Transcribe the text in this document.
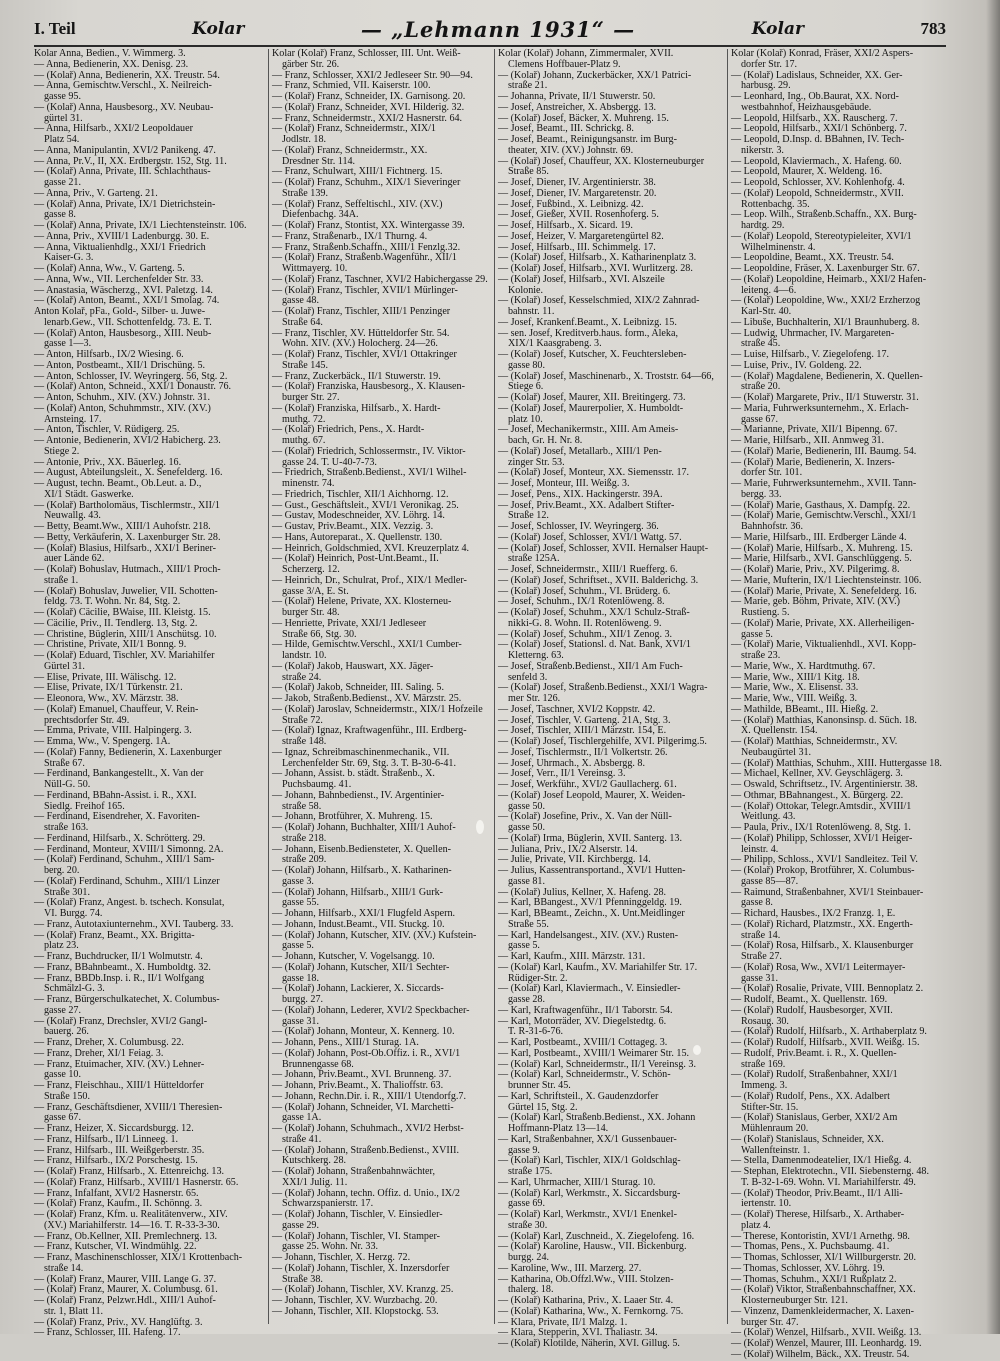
I. Teil	Kolar	— „Lehmann 1931“ —	Kolar	783
Kolar Anna, Bedien., V. Wimmerg. 3.
— Anna, Bedienerin, XX. Denisg. 23.
— (Kolař) Anna, Bedienerin, XX. Treustr. 54.
— Anna, Gemischtw.Verschl., X. Neilreich-
gasse 95.
— (Kolař) Anna, Hausbesorg., XV. Neubau-
gürtel 31.
— Anna, Hilfsarb., XXI/2 Leopoldauer
Platz 54.
— Anna, Manipulantin, XVI/2 Panikeng. 47.
— Anna, Pr.V., II, XX. Erdbergstr. 152, Stg. 11.
— (Kolař) Anna, Private, III. Schlachthaus-
gasse 21.
— Anna, Priv., V. Garteng. 21.
— (Kolař) Anna, Private, IX/1 Dietrichstein-
gasse 8.
— (Kolař) Anna, Private, IX/1 Liechtensteinstr. 106.
— Anna, Priv., XVIII/1 Ladenburgg. 30. E.
— Anna, Viktualienhdlg., XXI/1 Friedrich
Kaiser-G. 3.
— (Kolař) Anna, Ww., V. Garteng. 5.
— Anna, Ww., VII. Lerchenfelder Str. 33.
— Anastasia, Wäscherzg., XVI. Paletzg. 14.
— (Kolař) Anton, Beamt., XXI/1 Smolag. 74.
Anton Kolař, pFa., Gold-, Silber- u. Juwe-
lenarb.Gew., VII. Schottenfeldg. 73. E. T.
— (Kolař) Anton, Hausbesorg., XIII. Neub-
gasse 1—3.
— Anton, Hilfsarb., IX/2 Wiesing. 6.
— Anton, Postbeamt., XII/1 Drischüng. 5.
— Anton, Schlosser, IV. Weyringerg. 56, Stg. 2.
— (Kolař) Anton, Schneid., XXI/1 Donaustr. 76.
— Anton, Schuhm., XIV. (XV.) Johnstr. 31.
— (Kolař) Anton, Schuhmmstr., XIV. (XV.)
Arnsteing. 17.
— Anton, Tischler, V. Rüdigerg. 25.
— Antonie, Bedienerin, XVI/2 Habicherg. 23.
Stiege 2.
— Antonie, Priv., XX. Bäuerleg. 16.
— August, Abteilungsleit., X. Senefelderg. 16.
— August, techn. Beamt., Ob.Leut. a. D.,
XI/1 Städt. Gaswerke.
— (Kolař) Bartholomäus, Tischlermstr., XII/1
Neuwallg. 43.
— Betty, Beamt.Ww., XIII/1 Auhofstr. 218.
— Betty, Verkäuferin, X. Laxenburger Str. 28.
— (Kolař) Blasius, Hilfsarb., XXI/1 Beriner-
auer Lände 62.
— (Kolař) Bohuslav, Hutmach., XIII/1 Proch-
straße 1.
— (Kolař) Bohuslav, Juwelier, VII. Schotten-
feldg. 73. T. Wohn. Nr. 84, Stg. 2.
— (Kolař) Cäcilie, BWaise, III. Kleistg. 15.
— Cäcilie, Priv., II. Tendlerg. 13, Stg. 2.
— Christine, Büglerin, XIII/1 Anschütsg. 10.
— Christine, Private, XII/1 Bonng. 9.
— (Kolař) Eduard, Tischler, XV. Mariahilfer
Gürtel 31.
— Elise, Private, III. Wälischg. 12.
— Elise, Private, IX/1 Türkenstr. 21.
— Eleonora, Ww., XV. Märzstr. 38.
— (Kolař) Emanuel, Chauffeur, V. Rein-
prechtsdorfer Str. 49.
— Emma, Private, VIII. Halpingerg. 3.
— Emma, Ww., V. Spengerg. 1A.
— (Kolař) Fanny, Bedienerin, X. Laxenburger
Straße 67.
— Ferdinand, Bankangestellt., X. Van der
Nüll-G. 50.
— Ferdinand, BBahn-Assist. i. R., XXI.
Siedlg. Freihof 165.
— Ferdinand, Eisendreher, X. Favoriten-
straße 163.
— Ferdinand, Hilfsarb., X. Schrötterg. 29.
— Ferdinand, Monteur, XVIII/1 Simonng. 2A.
— (Kolař) Ferdinand, Schuhm., XIII/1 Sam-
berg. 20.
— (Kolař) Ferdinand, Schuhm., XIII/1 Linzer
Straße 301.
— (Kolař) Franz, Angest. b. tschech. Konsulat,
VI. Burgg. 74.
— Franz, Autotaxiunternehm., XVI. Tauberg. 33.
— (Kolař) Franz, Beamt., XX. Brigitta-
platz 23.
— Franz, Buchdrucker, II/1 Wolmutstr. 4.
— Franz, BBahnbeamt., X. Humboldtg. 32.
— Franz, BBDb.Insp. i. R., II/1 Wolfgang
Schmälzl-G. 3.
— Franz, Bürgerschulkatechet, X. Columbus-
gasse 27.
— (Kolař) Franz, Drechsler, XVI/2 Gangl-
bauerg. 26.
— Franz, Dreher, X. Columbusg. 22.
— Franz, Dreher, XI/1 Feiag. 3.
— Franz, Etuimacher, XIV. (XV.) Lehner-
gasse 10.
— Franz, Fleischhau., XIII/1 Hütteldorfer
Straße 150.
— Franz, Geschäftsdiener, XVIII/1 Theresien-
gasse 67.
— Franz, Heizer, X. Siccardsburgg. 12.
— Franz, Hilfsarb., II/1 Linneeg. 1.
— Franz, Hilfsarb., III. Weißgerberstr. 35.
— Franz, Hilfsarb., IX/2 Porschestg. 15.
— (Kolař) Franz, Hilfsarb., X. Ettenreichg. 13.
— (Kolař) Franz, Hilfsarb., XVIII/1 Hasnerstr. 65.
— Franz, Infalfant, XVI/2 Hasnerstr. 65.
— (Kolař) Franz, Kaufm., II. Schönng. 3.
— (Kolař) Franz, Kfm. u. Realitätenverw., XIV.
(XV.) Mariahilferstr. 14—16. T. R-33-3-30.
— Franz, Ob.Kellner, XII. Premlechnerg. 13.
— Franz, Kutscher, VI. Windmühlg. 22.
— Franz, Maschinenschlosser, XIX/1 Krottenbach-
straße 14.
— (Kolař) Franz, Maurer, VIII. Lange G. 37.
— (Kolař) Franz, Maurer, X. Columbusg. 61.
— (Kolař) Franz, Pelzwr.Hdl., XIII/1 Auhof-
str. 1, Blatt 11.
— (Kolař) Franz, Priv., XV. Hanglüftg. 3.
— Franz, Schlosser, III. Hafeng. 17.
Kolar (Kolař) Franz, Schlosser, III. Unt. Weiß-
gärber Str. 26.
— Franz, Schlosser, XXI/2 Jedleseer Str. 90—94.
— Franz, Schmied, VII. Kaiserstr. 100.
— (Kolař) Franz, Schneider, IX. Garnisong. 20.
— (Kolař) Franz, Schneider, XVI. Hilderig. 32.
— Franz, Schneidermstr., XXI/2 Hasnerstr. 64.
— (Kolař) Franz, Schneidermstr., XIX/1
Jodlstr. 18.
— (Kolař) Franz, Schneidermstr., XX.
Dresdner Str. 114.
— Franz, Schulwart, XIII/1 Fichtnerg. 15.
— (Kolař) Franz, Schuhm., XIX/1 Sieveringer
Straße 139.
— (Kolař) Franz, Seffeltischl., XIV. (XV.)
Diefenbachg. 34A.
— (Kolař) Franz, Stontist, XX. Wintergasse 39.
— Franz, Straßenarb., IX/1 Thurng. 4.
— Franz, Straßenb.Schaffn., XIII/1 Fenzlg.32.
— (Kolař) Franz, Straßenb.Wagenführ., XII/1
Wittmayerg. 10.
— (Kolař) Franz, Taschner, XVI/2 Habichergasse 29.
— (Kolař) Franz, Tischler, XVII/1 Mürlinger-
gasse 48.
— (Kolař) Franz, Tischler, XIII/1 Penzinger
Straße 64.
— Franz, Tischler, XV. Hütteldorfer Str. 54.
Wohn. XIV. (XV.) Holocherg. 24—26.
— (Kolař) Franz, Tischler, XVI/1 Ottakringer
Straße 145.
— Franz, Zuckerbäck., II/1 Stuwerstr. 19.
— (Kolař) Franziska, Hausbesorg., X. Klausen-
burger Str. 27.
— (Kolař) Franziska, Hilfsarb., X. Hardt-
muthg. 72.
— (Kolař) Friedrich, Pens., X. Hardt-
muthg. 67.
— (Kolař) Friedrich, Schlossermstr., IV. Viktor-
gasse 24. T. U-40-7-73.
— Friedrich, Straßenb.Bedienst., XVI/1 Wilhel-
minenstr. 74.
— Friedrich, Tischler, XII/1 Aichhorng. 12.
— Gust., Geschäftsleit., XVI/1 Veronikag. 25.
— Gustav, Modeschneider, XV. Löhrg. 14.
— Gustav, Priv.Beamt., XIX. Vezzig. 3.
— Hans, Autoreparat., X. Quellenstr. 130.
— Heinrich, Goldschmied, XVI. Kreuzerplatz 4.
— (Kolař) Heinrich, Post-Unt.Beamt., II.
Scherzerg. 12.
— Heinrich, Dr., Schulrat, Prof., XIX/1 Medler-
gasse 3/A, E. St.
— (Kolař) Helene, Private, XX. Klosterneu-
burger Str. 48.
— Henriette, Private, XXI/1 Jedleseer
Straße 66, Stg. 30.
— Hilde, Gemischtw.Verschl., XXI/1 Cumber-
landstr. 10.
— (Kolař) Jakob, Hauswart, XX. Jäger-
straße 24.
— (Kolař) Jakob, Schneider, III. Saling. 5.
— Jakob, Straßenb.Bedienst., XV. Märzstr. 25.
— (Kolař) Jaroslav, Schneidermstr., XIX/1 Hofzeile
Straße 72.
— (Kolař) Ignaz, Kraftwagenführ., III. Erdberg-
straße 148.
— Ignaz, Schreibmaschinenmechanik., VII.
Lerchenfelder Str. 69, Stg. 3. T. B-30-6-41.
— Johann, Assist. b. städt. Straßenb., X.
Puchsbaumg. 41.
— Johann, Bahnbedienst., IV. Argentinier-
straße 58.
— Johann, Brotführer, X. Muhreng. 15.
— (Kolař) Johann, Buchhalter, XIII/1 Auhof-
straße 218.
— Johann, Eisenb.Bediensteter, X. Quellen-
straße 209.
— (Kolař) Johann, Hilfsarb., X. Katharinen-
gasse 3.
— (Kolař) Johann, Hilfsarb., XIII/1 Gurk-
gasse 55.
— Johann, Hilfsarb., XXI/1 Flugfeld Aspern.
— Johann, Indust.Beamt., VII. Stuckg. 10.
— (Kolař) Johann, Kutscher, XIV. (XV.) Kufstein-
gasse 5.
— Johann, Kutscher, V. Vogelsangg. 10.
— (Kolař) Johann, Kutscher, XII/1 Sechter-
gasse 18.
— (Kolař) Johann, Lackierer, X. Siccards-
burgg. 27.
— (Kolař) Johann, Lederer, XVI/2 Speckbacher-
gasse 31.
— (Kolař) Johann, Monteur, X. Kennerg. 10.
— Johann, Pens., XIII/1 Sturag. 1A.
— (Kolař) Johann, Post-Ob.Offiz. i. R., XVI/1
Brunnengasse 68.
— Johann, Priv.Beamt., XVI. Brunneng. 37.
— Johann, Priv.Beamt., X. Thalioffstr. 63.
— Johann, Rechn.Dir. i. R., XIII/1 Utendorfg.7.
— (Kolař) Johann, Schneider, VI. Marchetti-
gasse 1A.
— (Kolař) Johann, Schuhmach., XVI/2 Herbst-
straße 41.
— (Kolař) Johann, Straßenb.Bedienst., XVIII.
Kutschkerg. 28.
— (Kolař) Johann, Straßenbahnwächter,
XXI/1 Julig. 11.
— (Kolař) Johann, techn. Offiz. d. Unio., IX/2
Schwarzspanierstr. 17.
— (Kolař) Johann, Tischler, V. Einsiedler-
gasse 29.
— (Kolař) Johann, Tischler, VI. Stamper-
gasse 25. Wohn. Nr. 33.
— Johann, Tischler, X. Herzg. 72.
— (Kolař) Johann, Tischler, X. Inzersdorfer
Straße 38.
— (Kolař) Johann, Tischler, XV. Kranzg. 25.
— Johann, Tischler, XV. Wurzbachg. 20.
— Johann, Tischler, XII. Klopstockg. 53.
Kolar (Kolař) Johann, Zimmermaler, XVII.
Clemens Hoffbauer-Platz 9.
— (Kolař) Johann, Zuckerbäcker, XX/1 Patrici-
straße 21.
— Johanna, Private, II/1 Stuwerstr. 50.
— Josef, Anstreicher, X. Absbergg. 13.
— (Kolař) Josef, Bäcker, X. Muhreng. 15.
— Josef, Beamt., III. Schrickg. 8.
— Josef, Beamt., Reinigungsanstr. im Burg-
theater, XIV. (XV.) Johnstr. 69.
— (Kolař) Josef, Chauffeur, XX. Klosterneuburger
Straße 85.
— Josef, Diener, IV. Argentinierstr. 38.
— Josef, Diener, IV. Margaretenstr. 20.
— Josef, Fußbind., X. Leibnizg. 42.
— Josef, Gießer, XVII. Rosenhoferg. 5.
— Josef, Hilfsarb., X. Sicard. 19.
— Josef, Heizer, V. Margaretengürtel 82.
— Josef, Hilfsarb., III. Schimmelg. 17.
— (Kolař) Josef, Hilfsarb., X. Katharinenplatz 3.
— (Kolař) Josef, Hilfsarb., XVI. Wurlitzerg. 28.
— (Kolař) Josef, Hilfsarb., XVI. Alszeile
Kolonie.
— (Kolař) Josef, Kesselschmied, XIX/2 Zahnrad-
bahnstr. 11.
— Josef, Krankenf.Beamt., X. Leibnizg. 15.
— sen. Josef, Kreditverb.haus. form., Aleka,
XIX/1 Kaasgrabeng. 3.
— (Kolař) Josef, Kutscher, X. Feuchtersleben-
gasse 80.
— (Kolař) Josef, Maschinenarb., X. Troststr. 64—66,
Stiege 6.
— (Kolař) Josef, Maurer, XII. Breitingerg. 73.
— (Kolař) Josef, Maurerpolier, X. Humboldt-
platz 10.
— Josef, Mechanikermstr., XIII. Am Ameis-
bach, Gr. H. Nr. 8.
— (Kolař) Josef, Metallarb., XIII/1 Pen-
zinger Str. 53.
— (Kolař) Josef, Monteur, XX. Siemensstr. 17.
— Josef, Monteur, III. Weißg. 3.
— Josef, Pens., XIX. Hackingerstr. 39A.
— Josef, Priv.Beamt., XX. Adalbert Stifter-
Straße 12.
— Josef, Schlosser, IV. Weyringerg. 36.
— (Kolař) Josef, Schlosser, XVI/1 Wattg. 57.
— (Kolař) Josef, Schlosser, XVII. Hernalser Haupt-
straße 125A.
— Josef, Schneidermstr., XIII/1 Ruefferg. 6.
— (Kolař) Josef, Schriftset., XVII. Balderichg. 3.
— (Kolař) Josef, Schuhm., VI. Brüderg. 6.
— Josef, Schuhm., IX/1 Rotenlöweng. 8.
— (Kolař) Josef, Schuhm., XX/1 Schulz-Straß-
nikki-G. 8. Wohn. II. Rotenlöweng. 9.
— (Kolař) Josef, Schuhm., XII/1 Zenog. 3.
— (Kolař) Josef, Stationsl. d. Nat. Bank, XVI/1
Kletterng. 63.
— Josef, Straßenb.Bedienst., XII/1 Am Fuch-
senfeld 3.
— (Kolař) Josef, Straßenb.Bedienst., XXI/1 Wagra-
mer Str. 126.
— Josef, Taschner, XVI/2 Koppstr. 42.
— Josef, Tischler, V. Garteng. 21A, Stg. 3.
— Josef, Tischler, XIII/1 Märzstr. 154, E.
— (Kolař) Josef, Tischlergehilfe, XVI. Pilgerimg.5.
— Josef, Tischlermstr., II/1 Volkertstr. 26.
— Josef, Uhrmach., X. Absbergg. 8.
— Josef, Verr., II/1 Vereinsg. 3.
— Josef, Werkführ., XVI/2 Gaullacherg. 61.
— (Kolař) Josef Leopold, Maurer, X. Weiden-
gasse 50.
— (Kolař) Josefine, Priv., X. Van der Nüll-
gasse 50.
— (Kolař) Irma, Büglerin, XVII. Santerg. 13.
— Juliana, Priv., IX/2 Alserstr. 14.
— Julie, Private, VII. Kirchbergg. 14.
— Julius, Kassentransportand., XVI/1 Hutten-
gasse 81.
— (Kolař) Julius, Kellner, X. Hafeng. 28.
— Karl, BBangest., XV/1 Pfenninggeldg. 19.
— Karl, BBeamt., Zeichn., X. Unt.Meidlinger
Straße 55.
— Karl, Handelsangest., XIV. (XV.) Rusten-
gasse 5.
— Karl, Kaufm., XIII. Märzstr. 131.
— (Kolař) Karl, Kaufm., XV. Mariahilfer Str. 17.
Rüdiger-Str. 2.
— (Kolař) Karl, Klaviermach., V. Einsiedler-
gasse 28.
— Karl, Kraftwagenführ., II/1 Taborstr. 54.
— Karl, Motorräder, XV. Diegelstedtg. 6.
T. R-31-6-76.
— Karl, Postbeamt., XVIII/1 Cottageg. 3.
— Karl, Postbeamt., XVIII/1 Weimarer Str. 15.
— (Kolař) Karl, Schneidermstr., II/1 Vereinsg. 3.
— (Kolař) Karl, Schneidermstr., V. Schön-
brunner Str. 45.
— Karl, Schriftsteil., X. Gaudenzdorfer
Gürtel 15, Stg. 2.
— (Kolař) Karl, Straßenb.Bedienst., XX. Johann
Hoffmann-Platz 13—14.
— Karl, Straßenbahner, XX/1 Gussenbauer-
gasse 9.
— (Kolař) Karl, Tischler, XIX/1 Goldschlag-
straße 175.
— Karl, Uhrmacher, XIII/1 Sturag. 10.
— (Kolař) Karl, Werkmstr., X. Siccardsburg-
gasse 69.
— (Kolař) Karl, Werkmstr., XVI/1 Enenkel-
straße 30.
— (Kolař) Karl, Zuschneid., X. Ziegelofeng. 16.
— (Kolař) Karoline, Hausw., VII. Bickenburg.
burgg. 24.
— Karoline, Ww., III. Marzerg. 27.
— Katharina, Ob.Offzl.Ww., VIII. Stolzen-
thalerg. 18.
— (Kolař) Katharina, Priv., X. Laaer Str. 4.
— (Kolař) Katharina, Ww., X. Fernkorng. 75.
— Klara, Private, II/1 Malzg. 1.
— Klara, Stepperin, XVI. Thaliastr. 34.
— (Kolař) Klotilde, Näherin, XVI. Gillug. 5.
Kolar (Kolař) Konrad, Fräser, XXI/2 Aspers-
dorfer Str. 17.
— (Kolař) Ladislaus, Schneider, XX. Ger-
harbusg. 29.
— Leonhard, Ing., Ob.Baurat, XX. Nord-
westbahnhof, Heizhausgebäude.
— Leopold, Hilfsarb., XX. Rauscherg. 7.
— Leopold, Hilfsarb., XXI/1 Schönberg. 7.
— Leopold, D.Insp. d. BBahnen, IV. Tech-
nikerstr. 3.
— Leopold, Klaviermach., X. Hafeng. 60.
— Leopold, Maurer, X. Weldeng. 16.
— Leopold, Schlosser, XV. Kohlenhofg. 4.
— (Kolař) Leopold, Schneidermstr., XVII.
Rottenbachg. 35.
— Leop. Wilh., Straßenb.Schaffn., XX. Burg-
hardtg. 29.
— (Kolař) Leopold, Stereotypieleiter, XVI/1
Wilhelminenstr. 4.
— Leopoldine, Beamt., XX. Treustr. 54.
— Leopoldine, Fräser, X. Laxenburger Str. 67.
— (Kolař) Leopoldine, Heimarb., XXI/2 Hafen-
leiteng. 4—6.
— (Kolař) Leopoldine, Ww., XXI/2 Erzherzog
Karl-Str. 40.
— Libuše, Buchhalterin, XI/1 Braunhuberg. 8.
— Ludwig, Uhrmacher, IV. Margareten-
straße 45.
— Luise, Hilfsarb., V. Ziegelofeng. 17.
— Luise, Priv., IV. Goldeng. 22.
— (Kolař) Magdalene, Bedienerin, X. Quellen-
straße 20.
— (Kolař) Margarete, Priv., II/1 Stuwerstr. 31.
— Maria, Fuhrwerksunternehm., X. Erlach-
gasse 67.
— Marianne, Private, XII/1 Bipenng. 67.
— Marie, Hilfsarb., XII. Anmweg 31.
— (Kolař) Marie, Bedienerin, III. Baumg. 54.
— (Kolař) Marie, Bedienerin, X. Inzers-
dorfer Str. 101.
— Marie, Fuhrwerksunternehm., XVII. Tann-
bergg. 33.
— (Kolař) Marie, Gasthaus, X. Dampfg. 22.
— (Kolař) Marie, Gemischtw.Verschl., XXI/1
Bahnhofstr. 36.
— Marie, Hilfsarb., III. Erdberger Lände 4.
— (Kolař) Marie, Hilfsarb., X. Muhreng. 15.
— Marie, Hilfsarb., XVI. Ganschlüggeng. 5.
— (Kolař) Marie, Priv., XV. Pilgerimg. 8.
— Marie, Mufterin, IX/1 Liechtensteinstr. 106.
— (Kolař) Marie, Private, X. Senefelderg. 16.
— Marie, geb. Böhm, Private, XIV. (XV.)
Rustieng. 5.
— (Kolař) Marie, Private, XX. Allerheiligen-
gasse 5.
— (Kolař) Marie, Viktualienhdl., XVI. Kopp-
straße 23.
— Marie, Ww., X. Hardtmuthg. 67.
— Marie, Ww., XIII/1 Kitg. 18.
— Marie, Ww., X. Elisenst. 33.
— Marie, Ww., VIII. Weißg. 3.
— Mathilde, BBeamt., III. Hießg. 2.
— (Kolař) Matthias, Kanonsinsp. d. Süch. 18.
X. Quellenstr. 154.
— (Kolař) Matthias, Schneidermstr., XV.
Neubaugürtel 31.
— (Kolař) Matthias, Schuhm., XIII. Huttergasse 18.
— Michael, Kellner, XV. Geyschlägerg. 3.
— Oswald, Schriftsetz., IV. Argentinierstr. 38.
— Othmar, BBahnangest., X. Bürgerg. 22.
— (Kolař) Ottokar, Telegr.Amtsdir., XVIII/1
Weitlung. 43.
— Paula, Priv., IX/1 Rotenlöweng. 8, Stg. 1.
— (Kolař) Philipp, Schlosser, XVI/1 Heiger-
leinstr. 4.
— Philipp, Schloss., XVI/1 Sandleitez. Teil V.
— (Kolař) Prokop, Brotführer, X. Columbus-
gasse 85—87.
— Raimund, Straßenbahner, XVI/1 Steinbauer-
gasse 8.
— Richard, Hausbes., IX/2 Franzg. 1, E.
— (Kolař) Richard, Platzmstr., XX. Engerth-
straße 14.
— (Kolař) Rosa, Hilfsarb., X. Klausenburger
Straße 27.
— (Kolař) Rosa, Ww., XVI/1 Leitermayer-
gasse 31.
— (Kolař) Rosalie, Private, VIII. Bennoplatz 2.
— Rudolf, Beamt., X. Quellenstr. 169.
— (Kolař) Rudolf, Hausbesorger, XVII.
Rosaug. 30.
— (Kolař) Rudolf, Hilfsarb., X. Arthaberplatz 9.
— (Kolař) Rudolf, Hilfsarb., XVII. Weißg. 15.
— Rudolf, Priv.Beamt. i. R., X. Quellen-
straße 169.
— (Kolař) Rudolf, Straßenbahner, XXI/1
Immeng. 3.
— (Kolař) Rudolf, Pens., XX. Adalbert
Stifter-Str. 15.
— (Kolař) Stanislaus, Gerber, XXI/2 Am
Mühlenraum 20.
— (Kolař) Stanislaus, Schneider, XX.
Wallenfteinstr. 1.
— Stella, Damenmodeatelier, IX/1 Hießg. 4.
— Stephan, Elektrotechn., VII. Siebensterng. 48.
T. B-32-1-69. Wohn. VI. Mariahilferstr. 49.
— (Kolař) Theodor, Priv.Beamt., II/1 Alli-
iertenstr. 10.
— (Kolař) Therese, Hilfsarb., X. Arthaber-
platz 4.
— Therese, Kontoristin, XVI/1 Arnethg. 98.
— Thomas, Pens., X. Puchsbaumg. 41.
— Thomas, Schlosser, XI/1 Willburgerstr. 20.
— Thomas, Schlosser, XV. Löhrg. 19.
— Thomas, Schuhm., XXI/1 Rußplatz 2.
— (Kolař) Viktor, Straßenbahnschaffner, XX.
Klosterneuburger Str. 121.
— Vinzenz, Damenkleidermacher, X. Laxen-
burger Str. 47.
— (Kolař) Wenzel, Hilfsarb., XVII. Weißg. 13.
— (Kolař) Wenzel, Maurer, III. Leonhardg. 19.
— (Kolař) Wilhelm, Bäck., XX. Treustr. 54.
